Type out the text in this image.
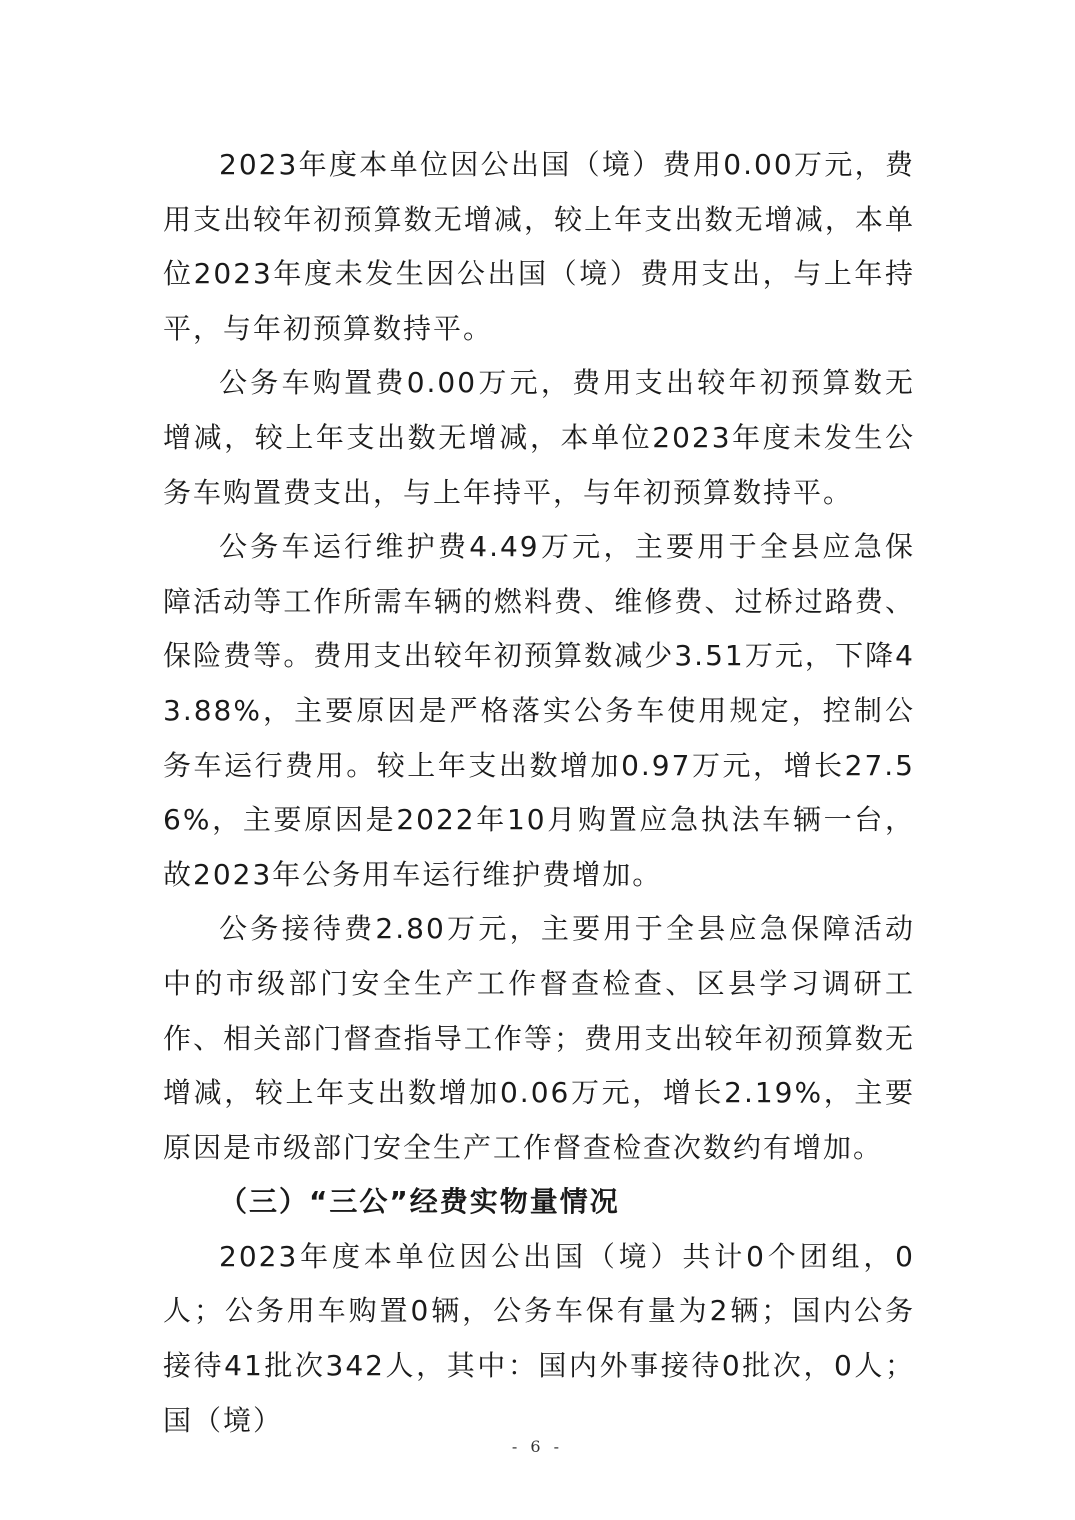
2023年度本单位因公出国（境）费用0.00万元，费用支出较年初预算数无增减，较上年支出数无增减，本单位2023年度未发生因公出国（境）费用支出，与上年持平，与年初预算数持平。

公务车购置费0.00万元，费用支出较年初预算数无增减，较上年支出数无增减，本单位2023年度未发生公务车购置费支出，与上年持平，与年初预算数持平。

公务车运行维护费4.49万元，主要用于全县应急保障活动等工作所需车辆的燃料费、维修费、过桥过路费、保险费等。费用支出较年初预算数减少3.51万元，下降43.88%，主要原因是严格落实公务车使用规定，控制公务车运行费用。较上年支出数增加0.97万元，增长27.56%，主要原因是2022年10月购置应急执法车辆一台，故2023年公务用车运行维护费增加。

公务接待费2.80万元，主要用于全县应急保障活动中的市级部门安全生产工作督查检查、区县学习调研工作、相关部门督查指导工作等；费用支出较年初预算数无增减，较上年支出数增加0.06万元，增长2.19%，主要原因是市级部门安全生产工作督查检查次数约有增加。

（三）“三公”经费实物量情况

2023年度本单位因公出国（境）共计0个团组，0人；公务用车购置0辆，公务车保有量为2辆；国内公务接待41批次342人，其中：国内外事接待0批次，0人；国（境）

- 6 -
